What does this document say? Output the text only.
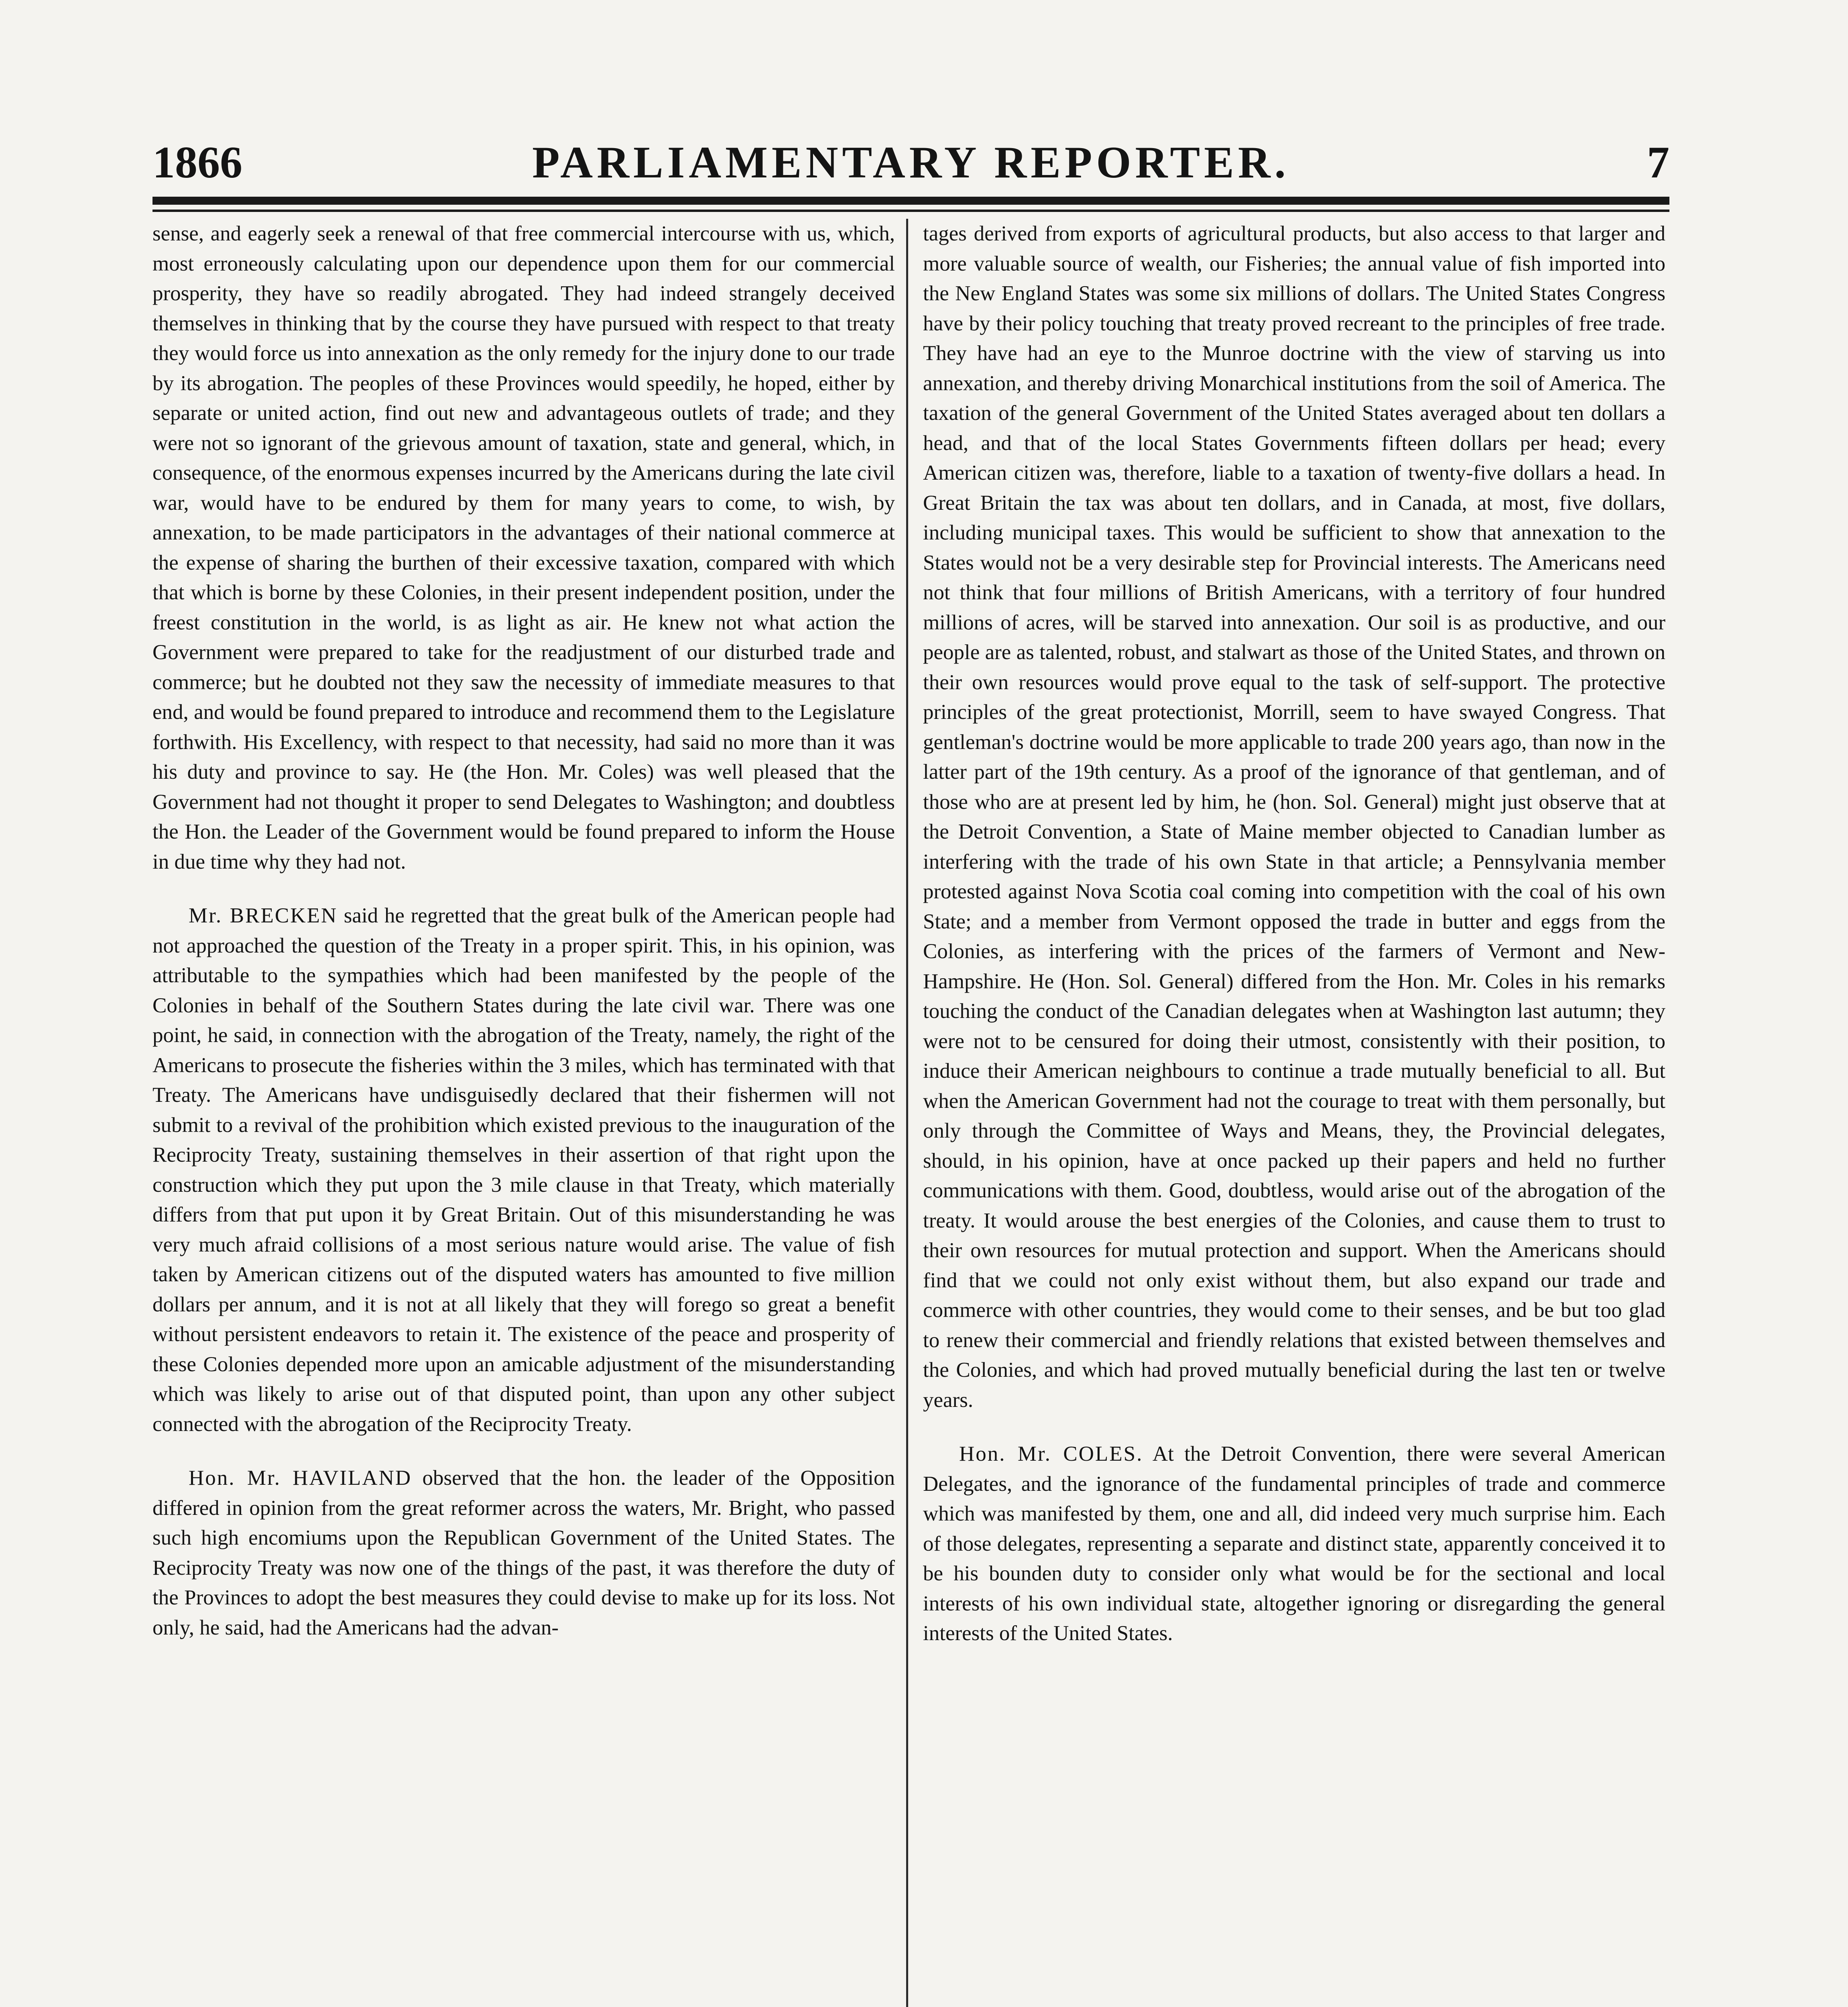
1866	PARLIAMENTARY REPORTER.	7

sense, and eagerly seek a renewal of that free commercial intercourse with us, which, most erroneously calculating upon our dependence upon them for our commercial prosperity, they have so readily abrogated. They had indeed strangely deceived themselves in thinking that by the course they have pursued with respect to that treaty they would force us into annexation as the only remedy for the injury done to our trade by its abrogation. The peoples of these Provinces would speedily, he hoped, either by separate or united action, find out new and advantageous outlets of trade; and they were not so ignorant of the grievous amount of taxation, state and general, which, in consequence, of the enormous expenses incurred by the Americans during the late civil war, would have to be endured by them for many years to come, to wish, by annexation, to be made participators in the advantages of their national commerce at the expense of sharing the burthen of their excessive taxation, compared with which that which is borne by these Colonies, in their present independent position, under the freest constitution in the world, is as light as air. He knew not what action the Government were prepared to take for the readjustment of our disturbed trade and commerce; but he doubted not they saw the necessity of immediate measures to that end, and would be found prepared to introduce and recommend them to the Legislature forthwith. His Excellency, with respect to that necessity, had said no more than it was his duty and province to say. He (the Hon. Mr. Coles) was well pleased that the Government had not thought it proper to send Delegates to Washington; and doubtless the Hon. the Leader of the Government would be found prepared to inform the House in due time why they had not.

Mr. BRECKEN said he regretted that the great bulk of the American people had not approached the question of the Treaty in a proper spirit. This, in his opinion, was attributable to the sympathies which had been manifested by the people of the Colonies in behalf of the Southern States during the late civil war. There was one point, he said, in connection with the abrogation of the Treaty, namely, the right of the Americans to prosecute the fisheries within the 3 miles, which has terminated with that Treaty. The Americans have undisguisedly declared that their fishermen will not submit to a revival of the prohibition which existed previous to the inauguration of the Reciprocity Treaty, sustaining themselves in their assertion of that right upon the construction which they put upon the 3 mile clause in that Treaty, which materially differs from that put upon it by Great Britain. Out of this misunderstanding he was very much afraid collisions of a most serious nature would arise. The value of fish taken by American citizens out of the disputed waters has amounted to five million dollars per annum, and it is not at all likely that they will forego so great a benefit without persistent endeavors to retain it. The existence of the peace and prosperity of these Colonies depended more upon an amicable adjustment of the misunderstanding which was likely to arise out of that disputed point, than upon any other subject connected with the abrogation of the Reciprocity Treaty.

Hon. Mr. HAVILAND observed that the hon. the leader of the Opposition differed in opinion from the great reformer across the waters, Mr. Bright, who passed such high encomiums upon the Republican Government of the United States. The Reciprocity Treaty was now one of the things of the past, it was therefore the duty of the Provinces to adopt the best measures they could devise to make up for its loss. Not only, he said, had the Americans had the advan-

tages derived from exports of agricultural products, but also access to that larger and more valuable source of wealth, our Fisheries; the annual value of fish imported into the New England States was some six millions of dollars. The United States Congress have by their policy touching that treaty proved recreant to the principles of free trade. They have had an eye to the Munroe doctrine with the view of starving us into annexation, and thereby driving Monarchical institutions from the soil of America. The taxation of the general Government of the United States averaged about ten dollars a head, and that of the local States Governments fifteen dollars per head; every American citizen was, therefore, liable to a taxation of twenty-five dollars a head. In Great Britain the tax was about ten dollars, and in Canada, at most, five dollars, including municipal taxes. This would be sufficient to show that annexation to the States would not be a very desirable step for Provincial interests. The Americans need not think that four millions of British Americans, with a territory of four hundred millions of acres, will be starved into annexation. Our soil is as productive, and our people are as talented, robust, and stalwart as those of the United States, and thrown on their own resources would prove equal to the task of self-support. The protective principles of the great protectionist, Morrill, seem to have swayed Congress. That gentleman's doctrine would be more applicable to trade 200 years ago, than now in the latter part of the 19th century. As a proof of the ignorance of that gentleman, and of those who are at present led by him, he (hon. Sol. General) might just observe that at the Detroit Convention, a State of Maine member objected to Canadian lumber as interfering with the trade of his own State in that article; a Pennsylvania member protested against Nova Scotia coal coming into competition with the coal of his own State; and a member from Vermont opposed the trade in butter and eggs from the Colonies, as interfering with the prices of the farmers of Vermont and New-Hampshire. He (Hon. Sol. General) differed from the Hon. Mr. Coles in his remarks touching the conduct of the Canadian delegates when at Washington last autumn; they were not to be censured for doing their utmost, consistently with their position, to induce their American neighbours to continue a trade mutually beneficial to all. But when the American Government had not the courage to treat with them personally, but only through the Committee of Ways and Means, they, the Provincial delegates, should, in his opinion, have at once packed up their papers and held no further communications with them. Good, doubtless, would arise out of the abrogation of the treaty. It would arouse the best energies of the Colonies, and cause them to trust to their own resources for mutual protection and support. When the Americans should find that we could not only exist without them, but also expand our trade and commerce with other countries, they would come to their senses, and be but too glad to renew their commercial and friendly relations that existed between themselves and the Colonies, and which had proved mutually beneficial during the last ten or twelve years.

Hon. Mr. COLES. At the Detroit Convention, there were several American Delegates, and the ignorance of the fundamental principles of trade and commerce which was manifested by them, one and all, did indeed very much surprise him. Each of those delegates, representing a separate and distinct state, apparently conceived it to be his bounden duty to consider only what would be for the sectional and local interests of his own individual state, altogether ignoring or disregarding the general interests of the United States.
